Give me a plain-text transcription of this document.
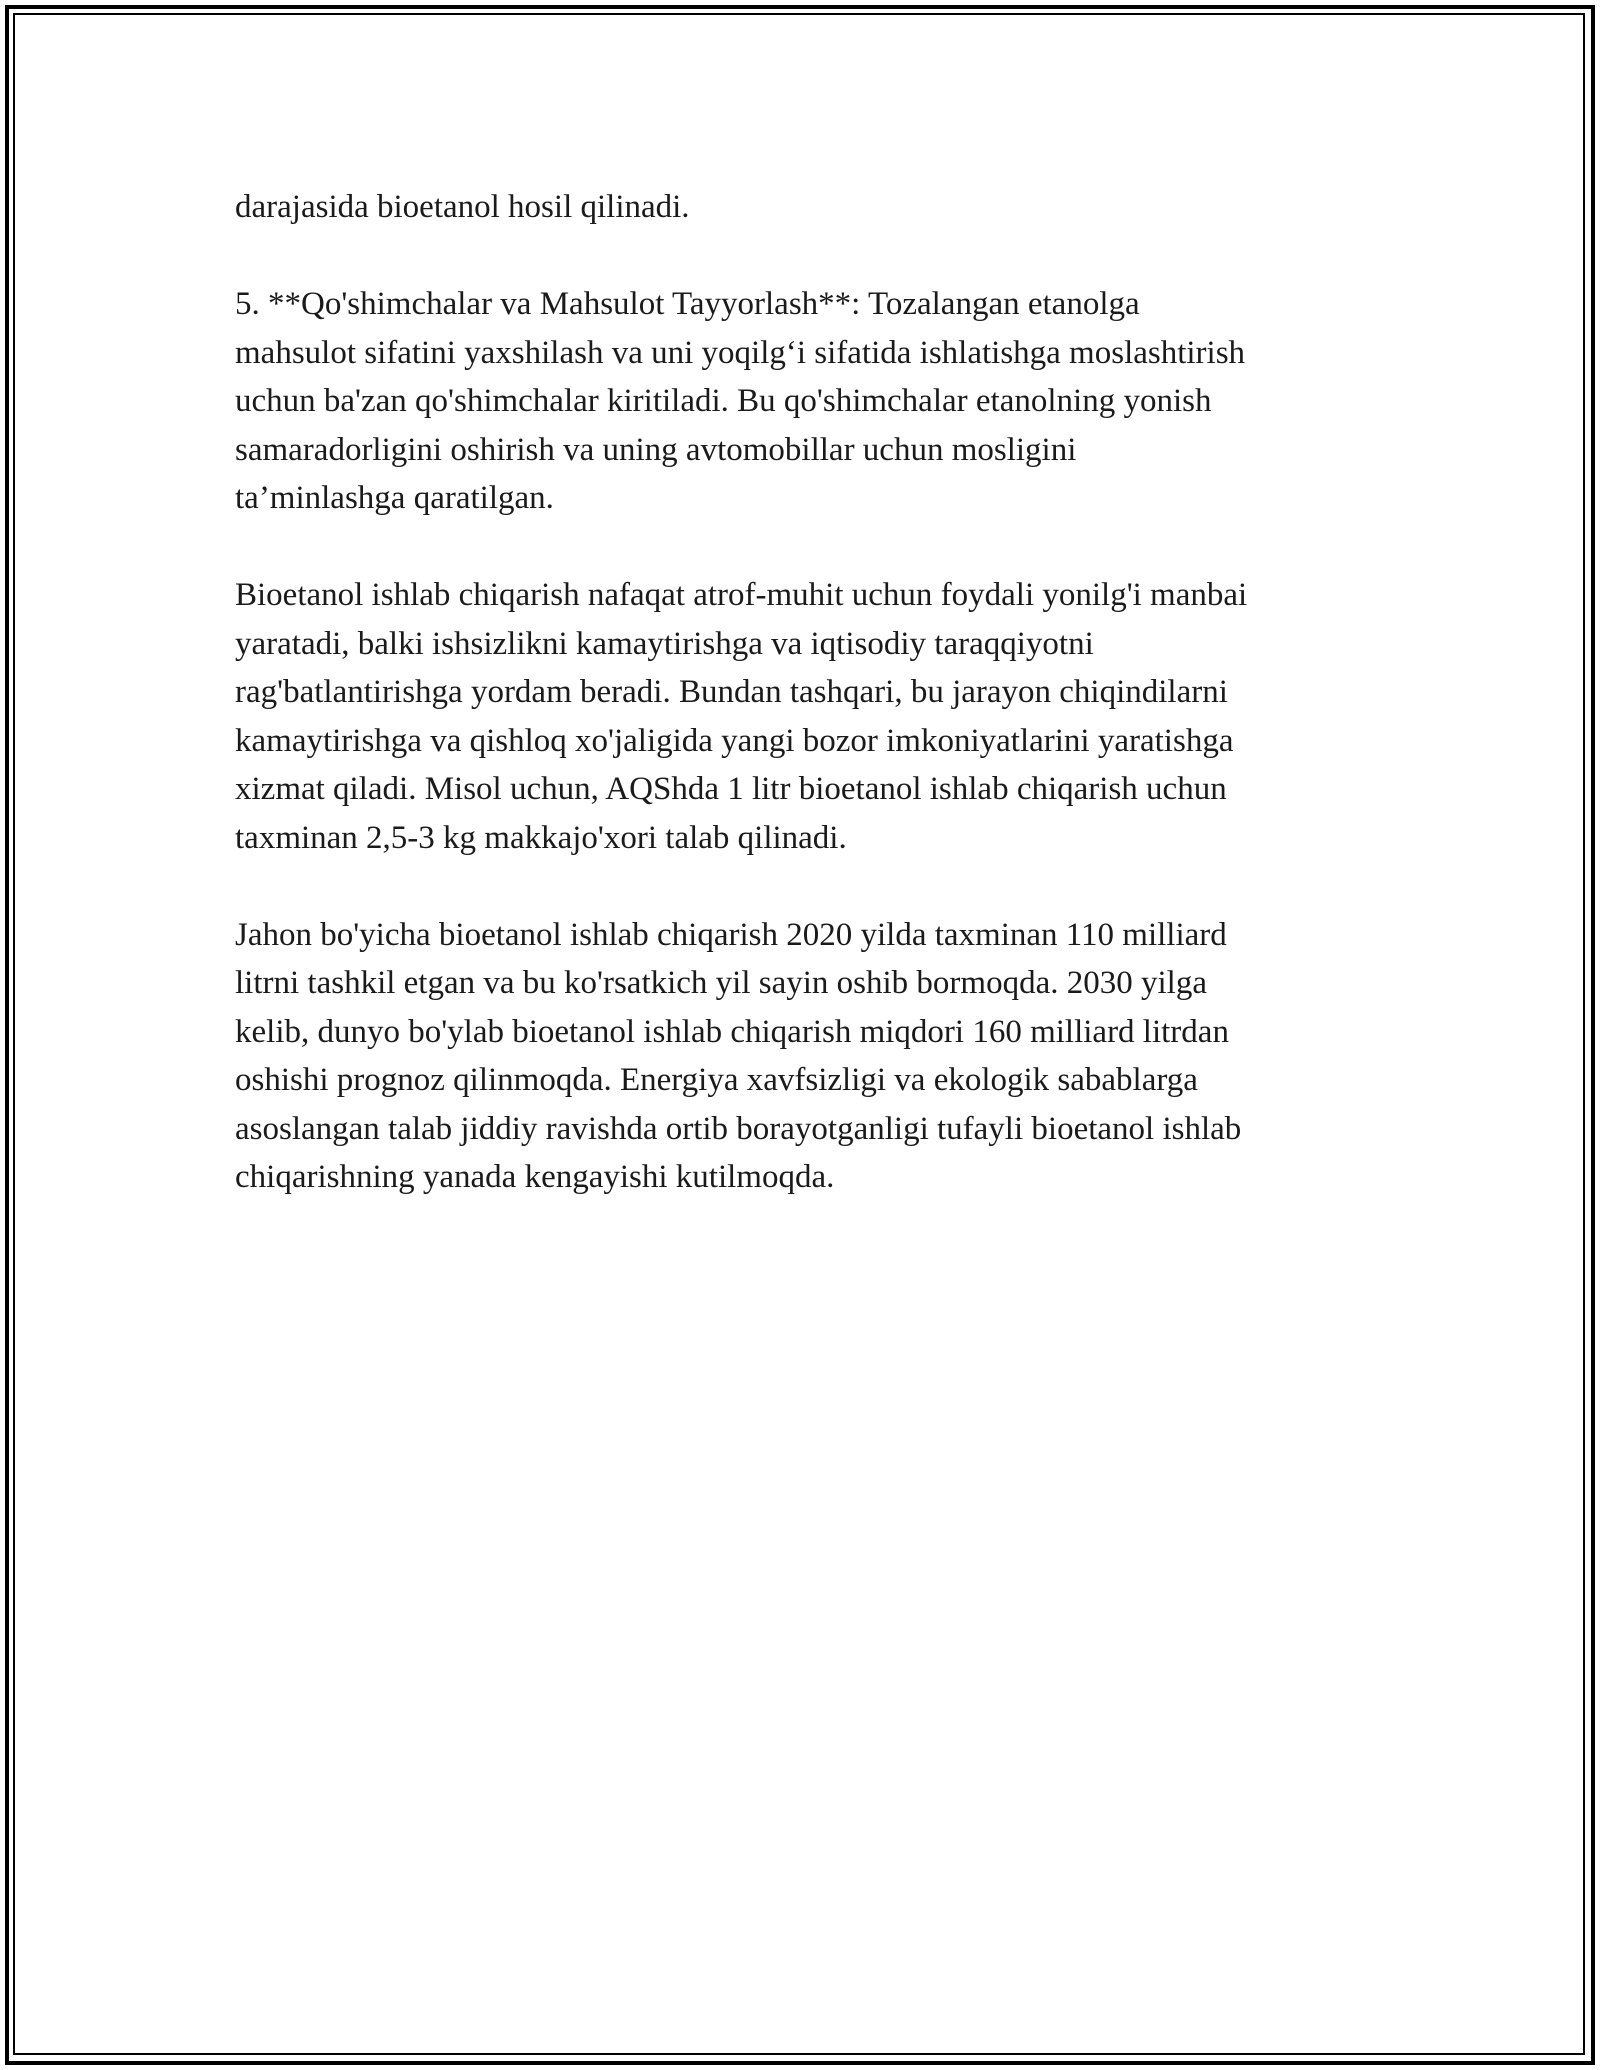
darajasida bioetanol hosil qilinadi.

5. **Qo'shimchalar va Mahsulot Tayyorlash**: Tozalangan etanolga
mahsulot sifatini yaxshilash va uni yoqilg‘i sifatida ishlatishga moslashtirish
uchun ba'zan qo'shimchalar kiritiladi. Bu qo'shimchalar etanolning yonish
samaradorligini oshirish va uning avtomobillar uchun mosligini
ta’minlashga qaratilgan.

Bioetanol ishlab chiqarish nafaqat atrof-muhit uchun foydali yonilg'i manbai
yaratadi, balki ishsizlikni kamaytirishga va iqtisodiy taraqqiyotni
rag'batlantirishga yordam beradi. Bundan tashqari, bu jarayon chiqindilarni
kamaytirishga va qishloq xo'jaligida yangi bozor imkoniyatlarini yaratishga
xizmat qiladi. Misol uchun, AQShda 1 litr bioetanol ishlab chiqarish uchun
taxminan 2,5-3 kg makkajo'xori talab qilinadi.

Jahon bo'yicha bioetanol ishlab chiqarish 2020 yilda taxminan 110 milliard
litrni tashkil etgan va bu ko'rsatkich yil sayin oshib bormoqda. 2030 yilga
kelib, dunyo bo'ylab bioetanol ishlab chiqarish miqdori 160 milliard litrdan
oshishi prognoz qilinmoqda. Energiya xavfsizligi va ekologik sabablarga
asoslangan talab jiddiy ravishda ortib borayotganligi tufayli bioetanol ishlab
chiqarishning yanada kengayishi kutilmoqda.
